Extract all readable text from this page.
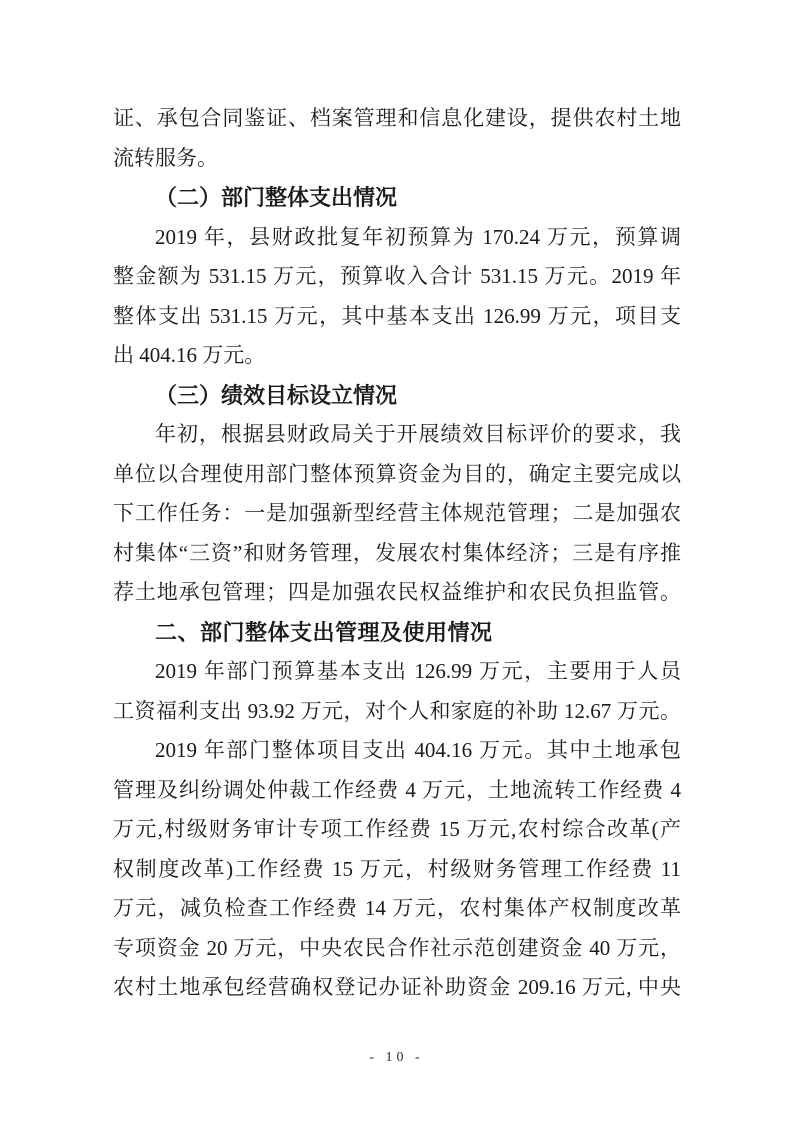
证、承包合同鉴证、档案管理和信息化建设，提供农村土地
流转服务。
（二）部门整体支出情况
2019 年，县财政批复年初预算为 170.24 万元，预算调
整金额为 531.15 万元，预算收入合计 531.15 万元。2019 年
整体支出 531.15 万元，其中基本支出 126.99 万元，项目支
出 404.16 万元。
（三）绩效目标设立情况
年初，根据县财政局关于开展绩效目标评价的要求，我
单位以合理使用部门整体预算资金为目的，确定主要完成以
下工作任务：一是加强新型经营主体规范管理；二是加强农
村集体“三资”和财务管理，发展农村集体经济；三是有序推
荐土地承包管理；四是加强农民权益维护和农民负担监管。
二、部门整体支出管理及使用情况
2019 年部门预算基本支出 126.99 万元，主要用于人员
工资福利支出 93.92 万元，对个人和家庭的补助 12.67 万元。
2019 年部门整体项目支出 404.16 万元。其中土地承包
管理及纠纷调处仲裁工作经费 4 万元，土地流转工作经费 4
万元,村级财务审计专项工作经费 15 万元,农村综合改革(产
权制度改革)工作经费 15 万元，村级财务管理工作经费 11
万元，减负检查工作经费 14 万元，农村集体产权制度改革
专项资金 20 万元，中央农民合作社示范创建资金 40 万元，
农村土地承包经营确权登记办证补助资金 209.16 万元, 中央
- 10 -
